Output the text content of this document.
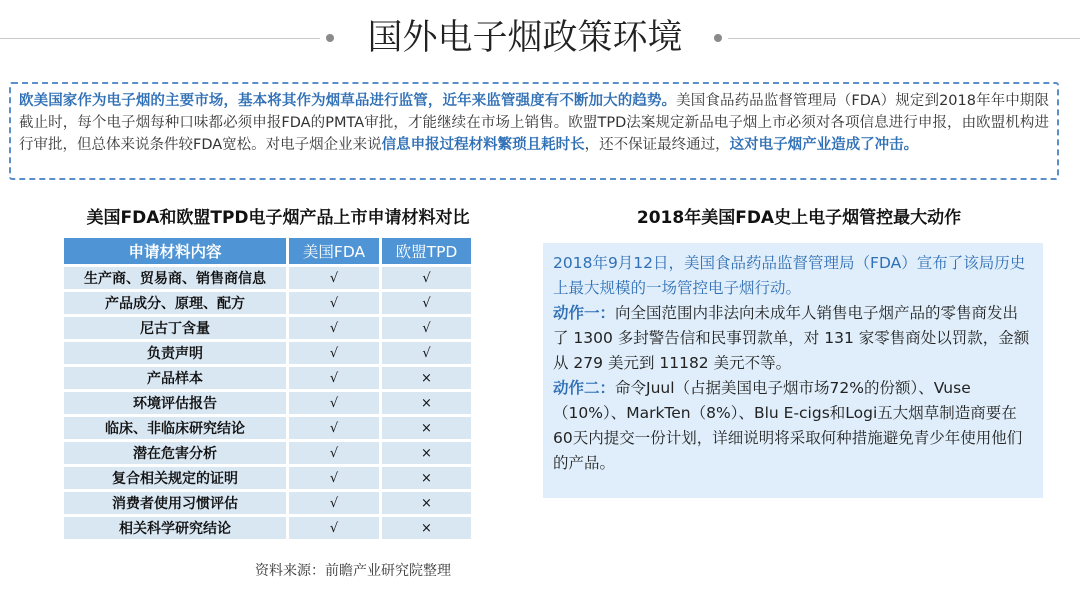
国外电子烟政策环境
欧美国家作为电子烟的主要市场，基本将其作为烟草品进行监管，近年来监管强度有不断加大的趋势。美国食品药品监督管理局（FDA）规定到2018年年中期限截止时，每个电子烟每种口味都必须申报FDA的PMTA审批，才能继续在市场上销售。欧盟TPD法案规定新品电子烟上市必须对各项信息进行申报，由欧盟机构进行审批，但总体来说条件较FDA宽松。对电子烟企业来说信息申报过程材料繁琐且耗时长，还不保证最终通过，这对电子烟产业造成了冲击。
美国FDA和欧盟TPD电子烟产品上市申请材料对比	2018年美国FDA史上电子烟管控最大动作
申请材料内容	美国FDA	欧盟TPD
生产商、贸易商、销售商信息	√	√
产品成分、原理、配方	√	√
尼古丁含量	√	√
负责声明	√	√
产品样本	√	×
环境评估报告	√	×
临床、非临床研究结论	√	×
潜在危害分析	√	×
复合相关规定的证明	√	×
消费者使用习惯评估	√	×
相关科学研究结论	√	×
资料来源：前瞻产业研究院整理

2018年9月12日，美国食品药品监督管理局（FDA）宣布了该局历史上最大规模的一场管控电子烟行动。

动作一：向全国范围内非法向未成年人销售电子烟产品的零售商发出了 1300 多封警告信和民事罚款单，对 131 家零售商处以罚款，金额从 279 美元到 11182 美元不等。

动作二：命令Juul（占据美国电子烟市场72%的份额）、Vuse（10%）、MarkTen（8%）、Blu E-cigs和Logi五大烟草制造商要在60天内提交一份计划，详细说明将采取何种措施避免青少年使用他们的产品。
